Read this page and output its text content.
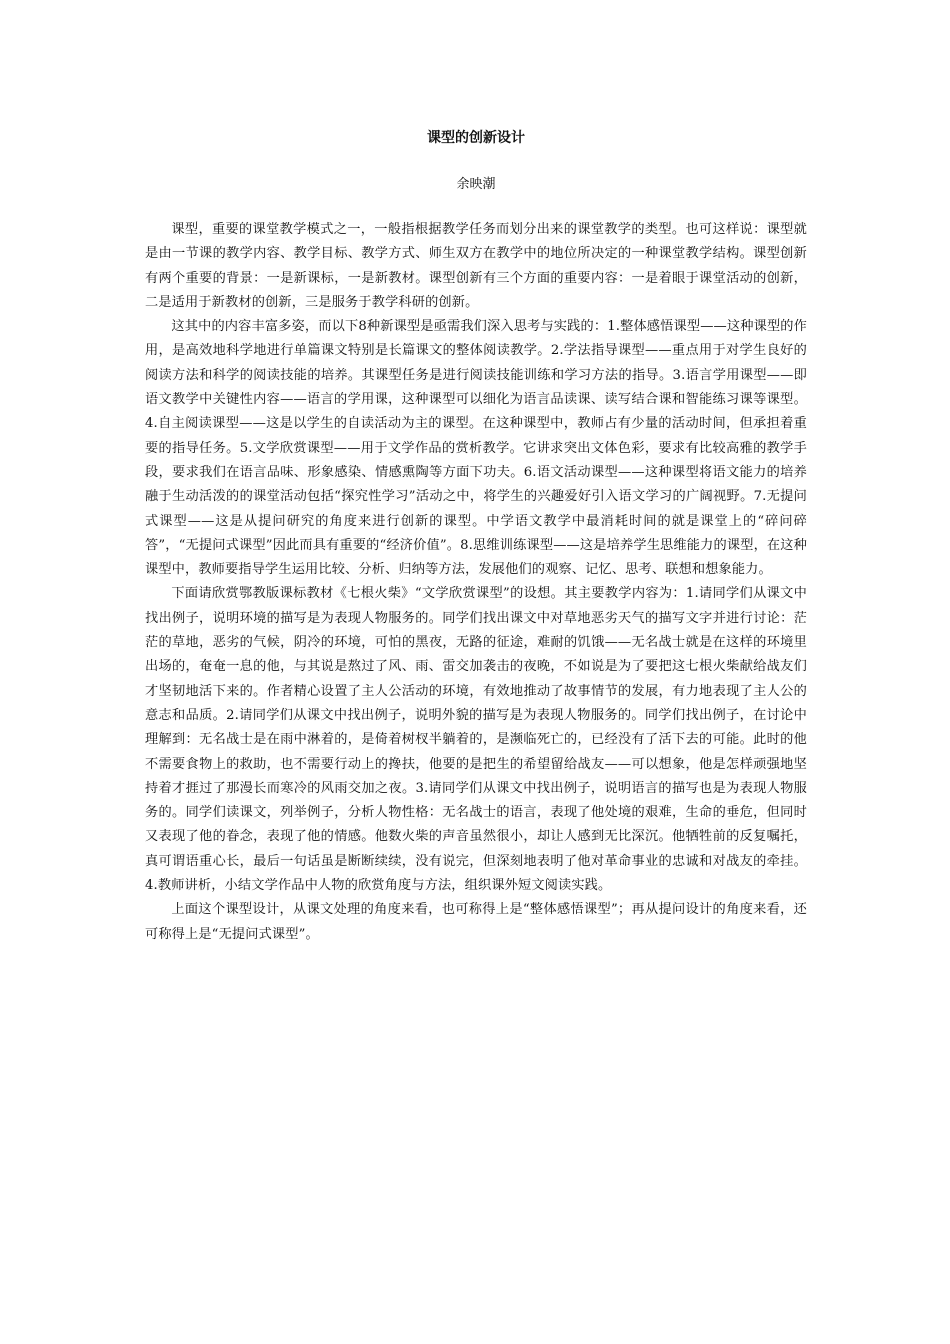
课型的创新设计

余映潮

课型，重要的课堂教学模式之一，一般指根据教学任务而划分出来的课堂教学的类型。也可这样说：课型就是由一节课的教学内容、教学目标、教学方式、师生双方在教学中的地位所决定的一种课堂教学结构。课型创新有两个重要的背景：一是新课标，一是新教材。课型创新有三个方面的重要内容：一是着眼于课堂活动的创新，二是适用于新教材的创新，三是服务于教学科研的创新。

这其中的内容丰富多姿，而以下8种新课型是亟需我们深入思考与实践的：1.整体感悟课型——这种课型的作用，是高效地科学地进行单篇课文特别是长篇课文的整体阅读教学。2.学法指导课型——重点用于对学生良好的阅读方法和科学的阅读技能的培养。其课型任务是进行阅读技能训练和学习方法的指导。3.语言学用课型——即语文教学中关键性内容——语言的学用课，这种课型可以细化为语言品读课、读写结合课和智能练习课等课型。4.自主阅读课型——这是以学生的自读活动为主的课型。在这种课型中，教师占有少量的活动时间，但承担着重要的指导任务。5.文学欣赏课型——用于文学作品的赏析教学。它讲求突出文体色彩，要求有比较高雅的教学手段，要求我们在语言品味、形象感染、情感熏陶等方面下功夫。6.语文活动课型——这种课型将语文能力的培养融于生动活泼的的课堂活动包括“探究性学习”活动之中，将学生的兴趣爱好引入语文学习的广阔视野。7.无提问式课型——这是从提问研究的角度来进行创新的课型。中学语文教学中最消耗时间的就是课堂上的“碎问碎答”，“无提问式课型”因此而具有重要的“经济价值”。8.思维训练课型——这是培养学生思维能力的课型，在这种课型中，教师要指导学生运用比较、分析、归纳等方法，发展他们的观察、记忆、思考、联想和想象能力。

下面请欣赏鄂教版课标教材《七根火柴》“文学欣赏课型”的设想。其主要教学内容为：1.请同学们从课文中找出例子，说明环境的描写是为表现人物服务的。同学们找出课文中对草地恶劣天气的描写文字并进行讨论：茫茫的草地，恶劣的气候，阴冷的环境，可怕的黑夜，无路的征途，难耐的饥饿——无名战士就是在这样的环境里出场的，奄奄一息的他，与其说是熬过了风、雨、雷交加袭击的夜晚，不如说是为了要把这七根火柴献给战友们才坚韧地活下来的。作者精心设置了主人公活动的环境，有效地推动了故事情节的发展，有力地表现了主人公的意志和品质。2.请同学们从课文中找出例子，说明外貌的描写是为表现人物服务的。同学们找出例子，在讨论中理解到：无名战士是在雨中淋着的，是倚着树杈半躺着的，是濒临死亡的，已经没有了活下去的可能。此时的他不需要食物上的救助，也不需要行动上的搀扶，他要的是把生的希望留给战友——可以想象，他是怎样顽强地坚持着才捱过了那漫长而寒冷的风雨交加之夜。3.请同学们从课文中找出例子，说明语言的描写也是为表现人物服务的。同学们读课文，列举例子，分析人物性格：无名战士的语言，表现了他处境的艰难，生命的垂危，但同时又表现了他的眷念，表现了他的情感。他数火柴的声音虽然很小，却让人感到无比深沉。他牺牲前的反复嘱托，真可谓语重心长，最后一句话虽是断断续续，没有说完，但深刻地表明了他对革命事业的忠诚和对战友的牵挂。4.教师讲析，小结文学作品中人物的欣赏角度与方法，组织课外短文阅读实践。

上面这个课型设计，从课文处理的角度来看，也可称得上是“整体感悟课型”；再从提问设计的角度来看，还可称得上是“无提问式课型”。
